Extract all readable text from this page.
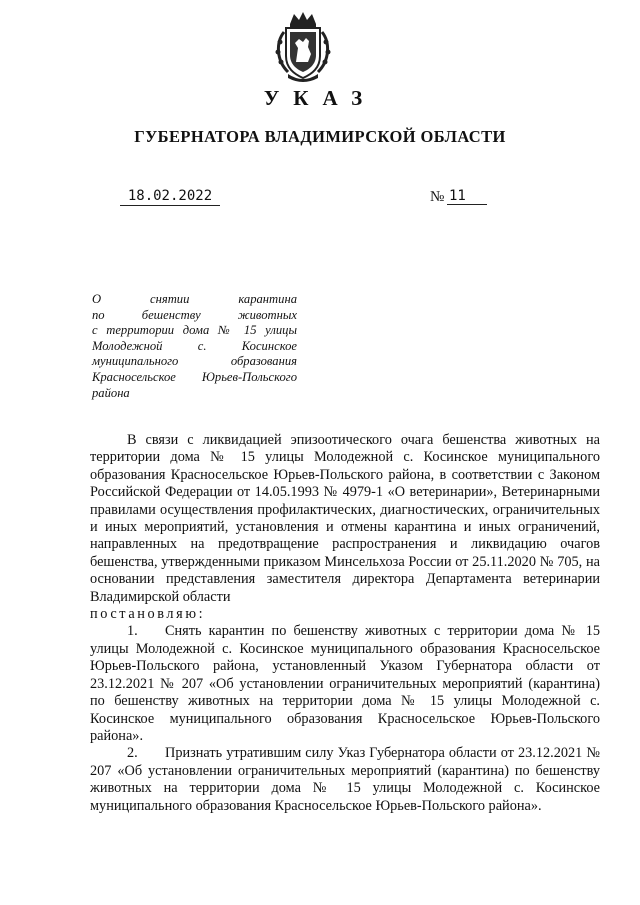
УКАЗ
ГУБЕРНАТОРА ВЛАДИМИРСКОЙ ОБЛАСТИ
18.02.2022	№ 11
О снятии карантина
по бешенству животных
с территории дома № 15 улицы
Молодежной с. Косинское
муниципального образования
Красносельское Юрьев-Польского
района

В связи с ликвидацией эпизоотического очага бешенства животных на территории дома № 15 улицы Молодежной с. Косинское муниципального образования Красносельское Юрьев-Польского района, в соответствии с Законом Российской Федерации от 14.05.1993 № 4979-1 «О ветеринарии», Ветеринарными правилами осуществления профилактических, диагностических, ограничительных и иных мероприятий, установления и отмены карантина и иных ограничений, направленных на предотвращение распространения и ликвидацию очагов бешенства, утвержденными приказом Минсельхоза России от 25.11.2020 № 705, на основании представления заместителя директора Департамента ветеринарии Владимирской области

постановляю:

1. Снять карантин по бешенству животных с территории дома № 15 улицы Молодежной с. Косинское муниципального образования Красносельское Юрьев-Польского района, установленный Указом Губернатора области от 23.12.2021 № 207 «Об установлении ограничительных мероприятий (карантина) по бешенству животных на территории дома № 15 улицы Молодежной с. Косинское муниципального образования Красносельское Юрьев-Польского района».

2. Признать утратившим силу Указ Губернатора области от 23.12.2021 № 207 «Об установлении ограничительных мероприятий (карантина) по бешенству животных на территории дома № 15 улицы Молодежной с. Косинское муниципального образования Красносельское Юрьев-Польского района».
